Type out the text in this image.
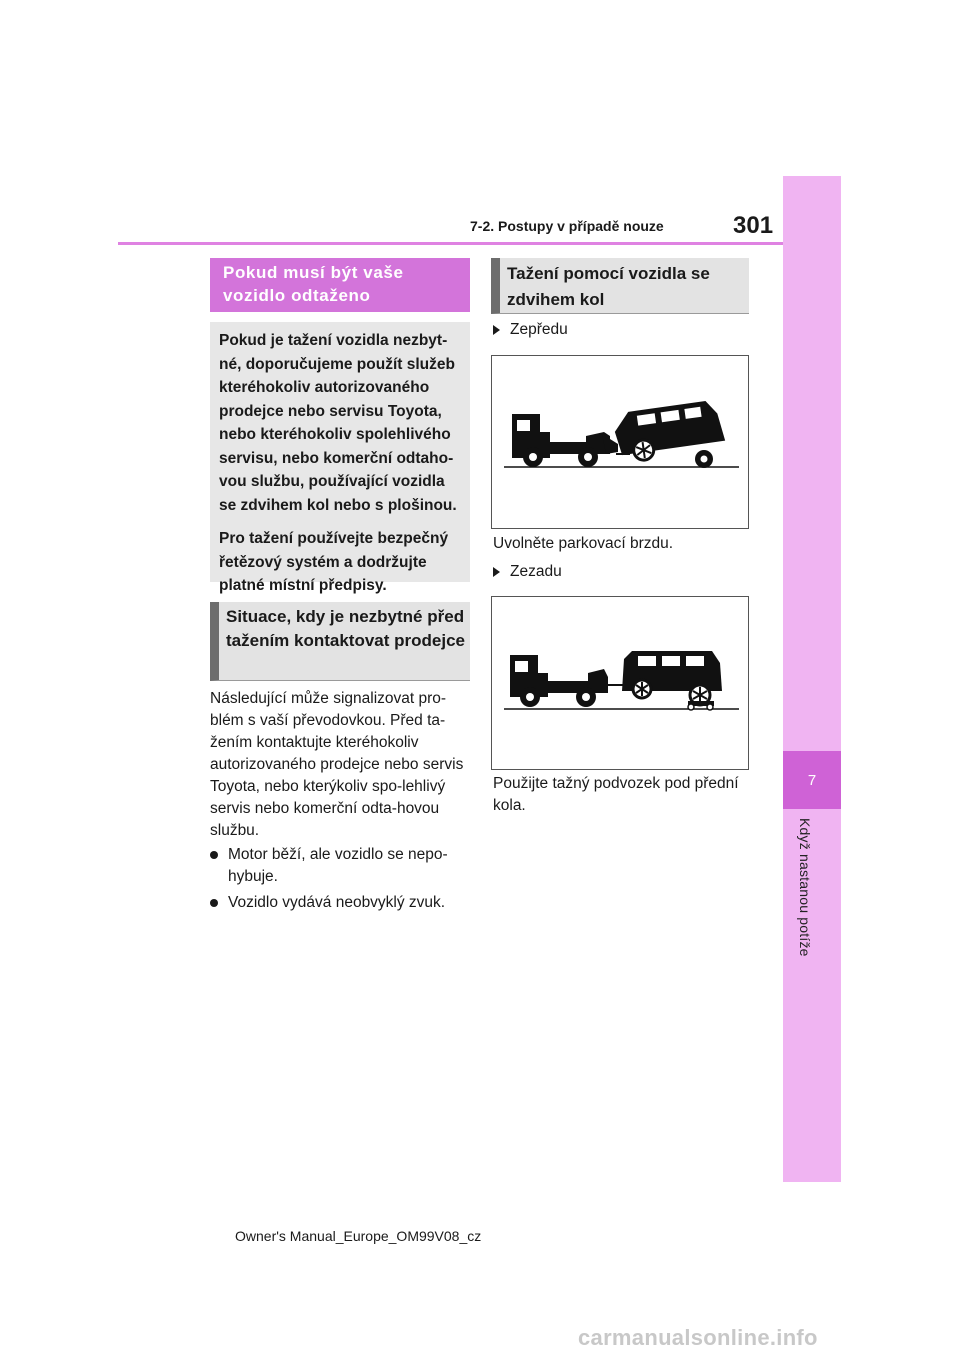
7
Když nastanou potíže
7-2. Postupy v případě nouze	301
Pokud musí být vaše vozidlo odtaženo

Pokud je tažení vozidla nezbyt-né, doporučujeme použít služeb kteréhokoliv autorizovaného prodejce nebo servisu Toyota, nebo kteréhokoliv spolehlivého servisu, nebo komerční odtaho-vou službu, používající vozidla se zdvihem kol nebo s plošinou.

Pro tažení používejte bezpečný řetězový systém a dodržujte platné místní předpisy.

Situace, kdy je nezbytné před tažením kontaktovat prodejce
Následující může signalizovat pro-blém s vaší převodovkou. Před ta-žením kontaktujte kteréhokoliv autorizovaného prodejce nebo servis Toyota, nebo kterýkoliv spo-lehlivý servis nebo komerční odta-hovou službu.
Motor běží, ale vozidlo se nepo-hybuje.
Vozidlo vydává neobvyklý zvuk.
Tažení pomocí vozidla se zdvihem kol
Zepředu
Uvolněte parkovací brzdu.
Zezadu
Použijte tažný podvozek pod přední kola.
Owner's Manual_Europe_OM99V08_cz
carmanualsonline.info
